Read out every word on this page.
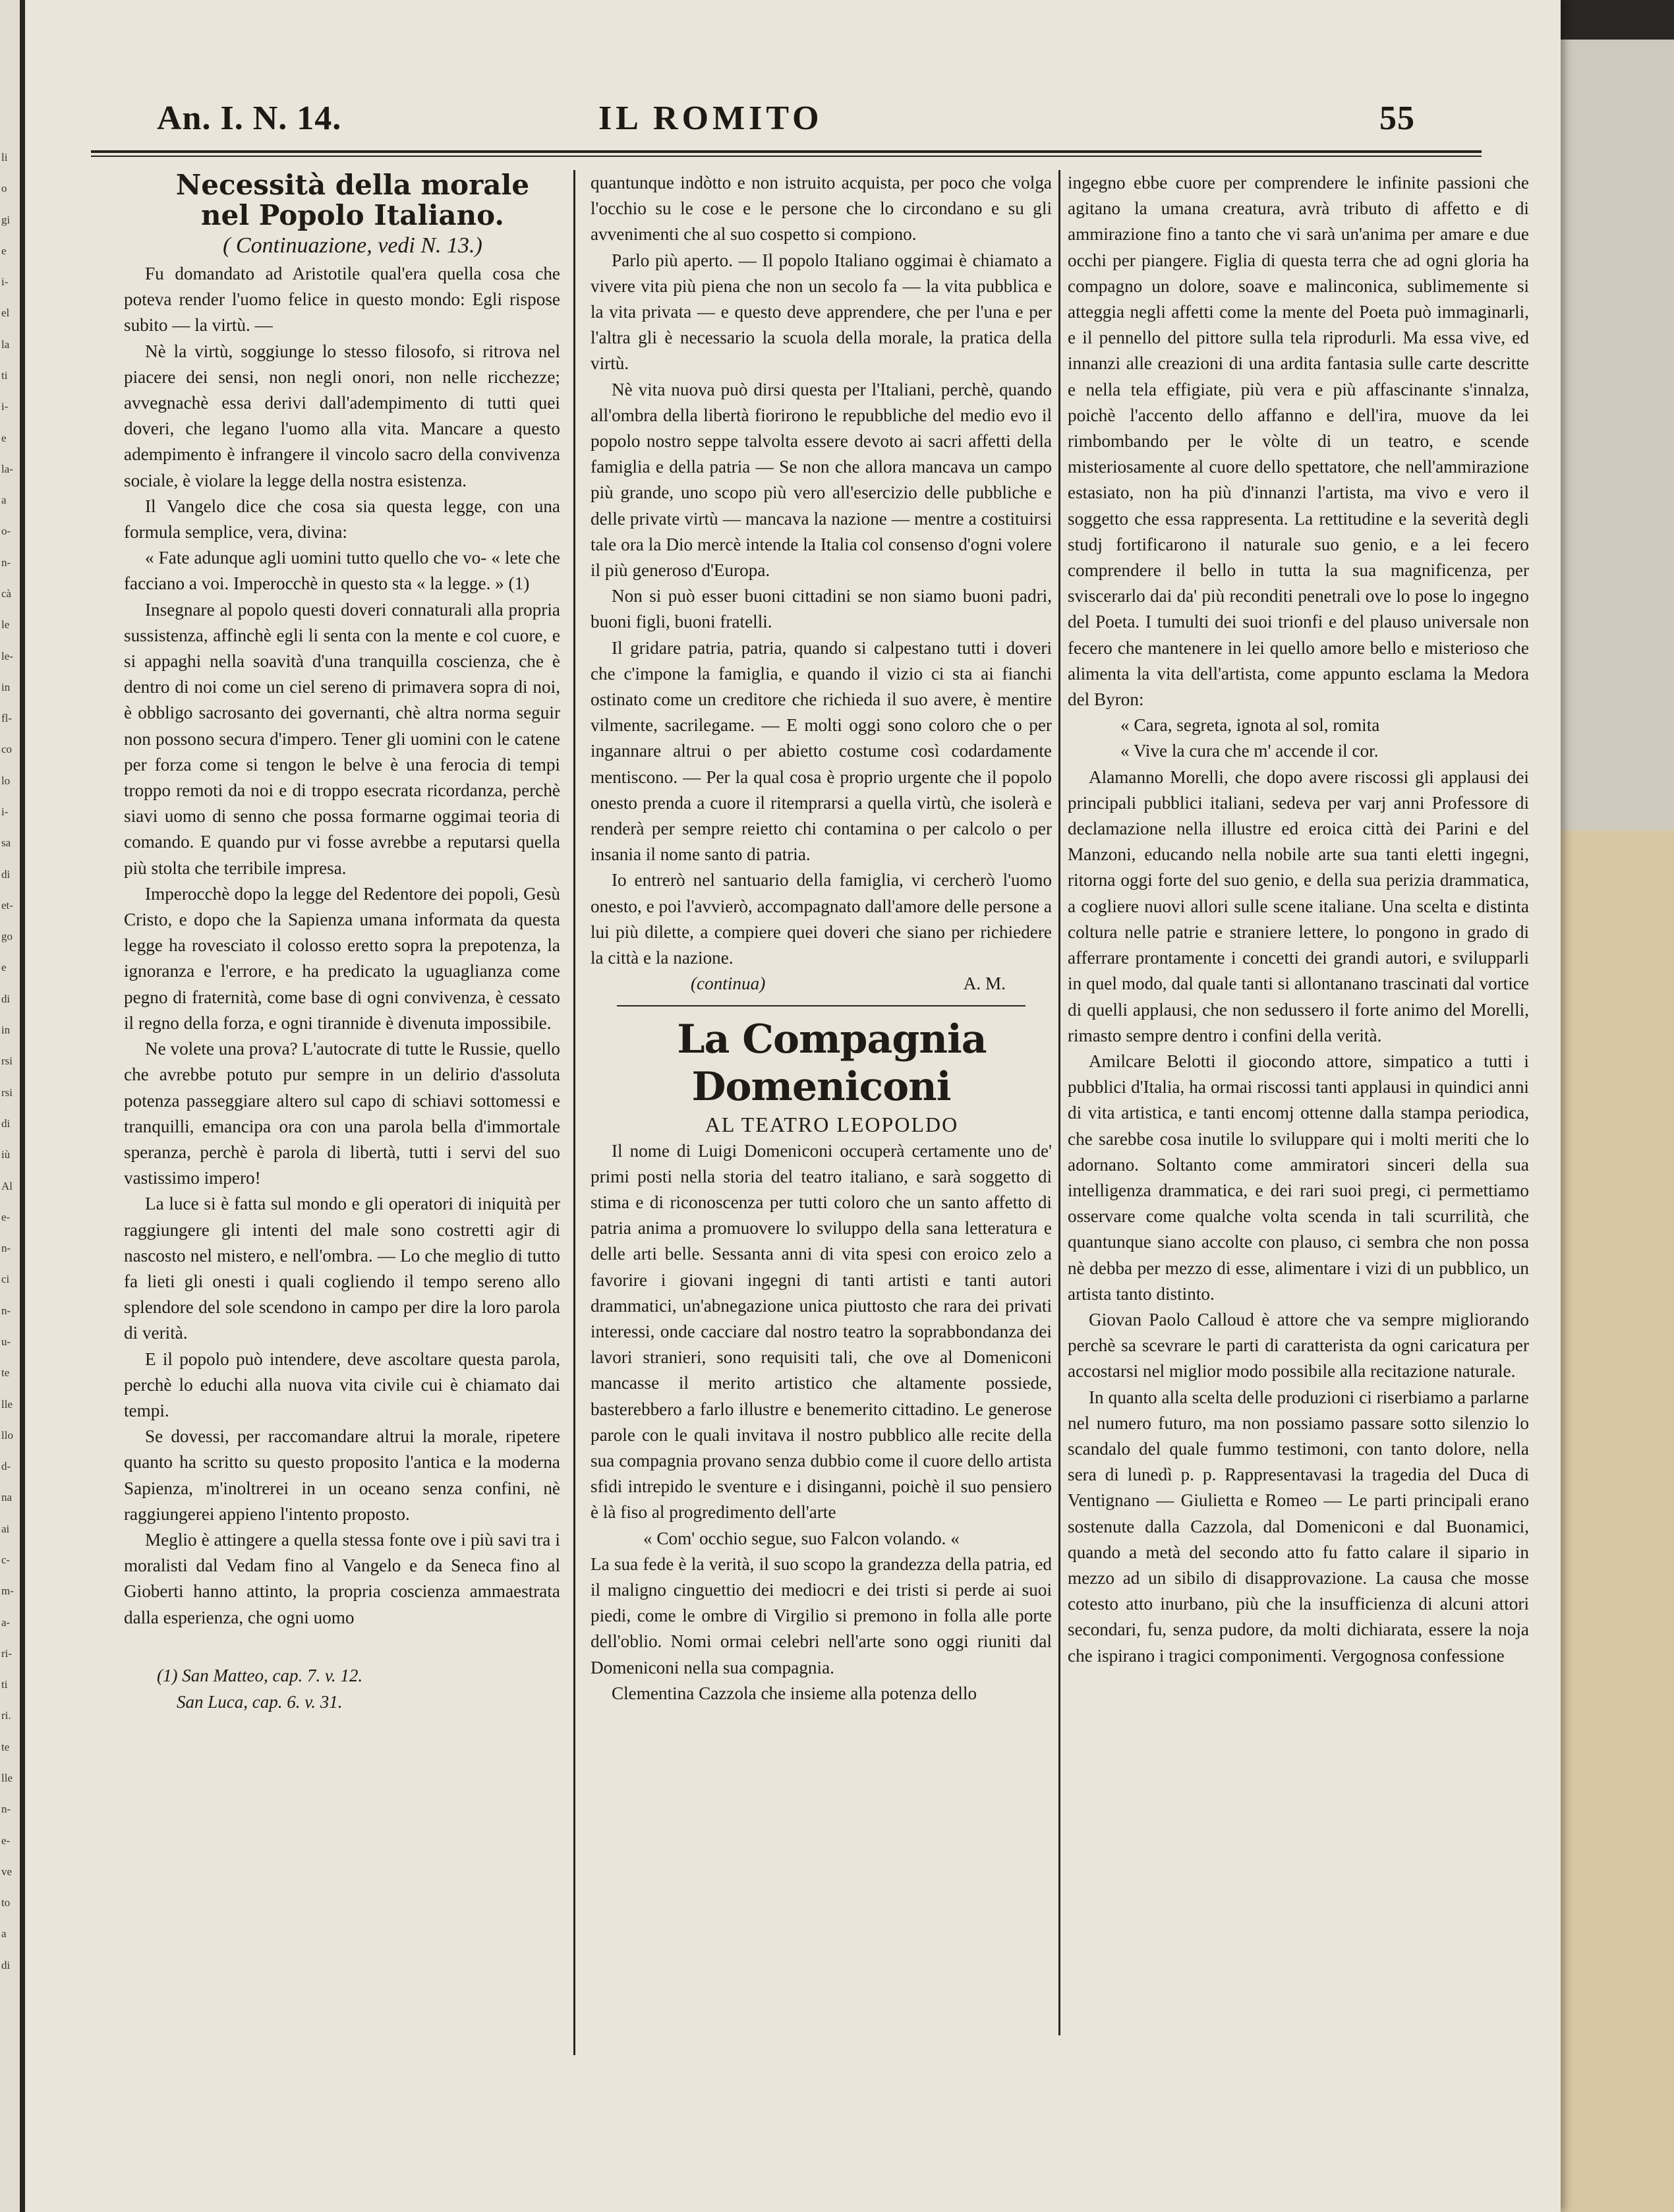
li
o
gi
e
i-
el
la
ti
i-
e
la-
a
o-
n-
cà
le
le-
in
fl-
co
lo
i-
sa
di
et-
go
e
di
in
rsi
rsi
di
iù
Al
e-
n-
ci
n-
u-
te
lle
llo
d-
na
ai
c-
m-
a-
ri-
ti
ri.
te
lle
n-
e-
ve
to
a
di
An. I. N. 14.	IL ROMITO	55

Necessità della morale

nel Popolo Italiano.

( Continuazione, vedi N. 13.)

Fu domandato ad Aristotile qual'era quella cosa che poteva render l'uomo felice in questo mondo: Egli rispose subito — la virtù. —

Nè la virtù, soggiunge lo stesso filosofo, si ritrova nel piacere dei sensi, non negli onori, non nelle ricchezze; avvegnachè essa derivi dall'adempimento di tutti quei doveri, che legano l'uomo alla vita. Mancare a questo adempimento è infrangere il vincolo sacro della convivenza sociale, è violare la legge della nostra esistenza.

Il Vangelo dice che cosa sia questa legge, con una formula semplice, vera, divina:

« Fate adunque agli uomini tutto quello che vo- « lete che facciano a voi. Imperocchè in questo sta « la legge. » (1)

Insegnare al popolo questi doveri connaturali alla propria sussistenza, affinchè egli li senta con la mente e col cuore, e si appaghi nella soavità d'una tranquilla coscienza, che è dentro di noi come un ciel sereno di primavera sopra di noi, è obbligo sacrosanto dei governanti, chè altra norma seguir non possono secura d'impero. Tener gli uomini con le catene per forza come si tengon le belve è una ferocia di tempi troppo remoti da noi e di troppo esecrata ricordanza, perchè siavi uomo di senno che possa formarne oggimai teoria di comando. E quando pur vi fosse avrebbe a reputarsi quella più stolta che terribile impresa.

Imperocchè dopo la legge del Redentore dei popoli, Gesù Cristo, e dopo che la Sapienza umana informata da questa legge ha rovesciato il colosso eretto sopra la prepotenza, la ignoranza e l'errore, e ha predicato la uguaglianza come pegno di fraternità, come base di ogni convivenza, è cessato il regno della forza, e ogni tirannide è divenuta impossibile.

Ne volete una prova? L'autocrate di tutte le Russie, quello che avrebbe potuto pur sempre in un delirio d'assoluta potenza passeggiare altero sul capo di schiavi sottomessi e tranquilli, emancipa ora con una parola bella d'immortale speranza, perchè è parola di libertà, tutti i servi del suo vastissimo impero!

La luce si è fatta sul mondo e gli operatori di iniquità per raggiungere gli intenti del male sono costretti agir di nascosto nel mistero, e nell'ombra. — Lo che meglio di tutto fa lieti gli onesti i quali cogliendo il tempo sereno allo splendore del sole scendono in campo per dire la loro parola di verità.

E il popolo può intendere, deve ascoltare questa parola, perchè lo educhi alla nuova vita civile cui è chiamato dai tempi.

Se dovessi, per raccomandare altrui la morale, ripetere quanto ha scritto su questo proposito l'antica e la moderna Sapienza, m'inoltrerei in un oceano senza confini, nè raggiungerei appieno l'intento proposto.

Meglio è attingere a quella stessa fonte ove i più savi tra i moralisti dal Vedam fino al Vangelo e da Seneca fino al Gioberti hanno attinto, la propria coscienza ammaestrata dalla esperienza, che ogni uomo

(1) San Matteo, cap. 7. v. 12.
San Luca, cap. 6. v. 31.

quantunque indòtto e non istruito acquista, per poco che volga l'occhio su le cose e le persone che lo circondano e su gli avvenimenti che al suo cospetto si compiono.

Parlo più aperto. — Il popolo Italiano oggimai è chiamato a vivere vita più piena che non un secolo fa — la vita pubblica e la vita privata — e questo deve apprendere, che per l'una e per l'altra gli è necessario la scuola della morale, la pratica della virtù.

Nè vita nuova può dirsi questa per l'Italiani, perchè, quando all'ombra della libertà fiorirono le repubbliche del medio evo il popolo nostro seppe talvolta essere devoto ai sacri affetti della famiglia e della patria — Se non che allora mancava un campo più grande, uno scopo più vero all'esercizio delle pubbliche e delle private virtù — mancava la nazione — mentre a costituirsi tale ora la Dio mercè intende la Italia col consenso d'ogni volere il più generoso d'Europa.

Non si può esser buoni cittadini se non siamo buoni padri, buoni figli, buoni fratelli.

Il gridare patria, patria, quando si calpestano tutti i doveri che c'impone la famiglia, e quando il vizio ci sta ai fianchi ostinato come un creditore che richieda il suo avere, è mentire vilmente, sacrilegame. — E molti oggi sono coloro che o per ingannare altrui o per abietto costume così codardamente mentiscono. — Per la qual cosa è proprio urgente che il popolo onesto prenda a cuore il ritemprarsi a quella virtù, che isolerà e renderà per sempre reietto chi contamina o per calcolo o per insania il nome santo di patria.

Io entrerò nel santuario della famiglia, vi cercherò l'uomo onesto, e poi l'avvierò, accompagnato dall'amore delle persone a lui più dilette, a compiere quei doveri che siano per richiedere la città e la nazione.

(continua)	A. M.

La Compagnia Domeniconi

AL TEATRO LEOPOLDO

Il nome di Luigi Domeniconi occuperà certamente uno de' primi posti nella storia del teatro italiano, e sarà soggetto di stima e di riconoscenza per tutti coloro che un santo affetto di patria anima a promuovere lo sviluppo della sana letteratura e delle arti belle. Sessanta anni di vita spesi con eroico zelo a favorire i giovani ingegni di tanti artisti e tanti autori drammatici, un'abnegazione unica piuttosto che rara dei privati interessi, onde cacciare dal nostro teatro la soprabbondanza dei lavori stranieri, sono requisiti tali, che ove al Domeniconi mancasse il merito artistico che altamente possiede, basterebbero a farlo illustre e benemerito cittadino. Le generose parole con le quali invitava il nostro pubblico alle recite della sua compagnia provano senza dubbio come il cuore dello artista sfidi intrepido le sventure e i disinganni, poichè il suo pensiero è là fiso al progredimento dell'arte

« Com' occhio segue, suo Falcon volando. «

La sua fede è la verità, il suo scopo la grandezza della patria, ed il maligno cinguettio dei mediocri e dei tristi si perde ai suoi piedi, come le ombre di Virgilio si premono in folla alle porte dell'oblio. Nomi ormai celebri nell'arte sono oggi riuniti dal Domeniconi nella sua compagnia.

Clementina Cazzola che insieme alla potenza dello

ingegno ebbe cuore per comprendere le infinite passioni che agitano la umana creatura, avrà tributo di affetto e di ammirazione fino a tanto che vi sarà un'anima per amare e due occhi per piangere. Figlia di questa terra che ad ogni gloria ha compagno un dolore, soave e malinconica, sublimemente si atteggia negli affetti come la mente del Poeta può immaginarli, e il pennello del pittore sulla tela riprodurli. Ma essa vive, ed innanzi alle creazioni di una ardita fantasia sulle carte descritte e nella tela effigiate, più vera e più affascinante s'innalza, poichè l'accento dello affanno e dell'ira, muove da lei rimbombando per le vòlte di un teatro, e scende misteriosamente al cuore dello spettatore, che nell'ammirazione estasiato, non ha più d'innanzi l'artista, ma vivo e vero il soggetto che essa rappresenta. La rettitudine e la severità degli studj fortificarono il naturale suo genio, e a lei fecero comprendere il bello in tutta la sua magnificenza, per sviscerarlo dai da' più reconditi penetrali ove lo pose lo ingegno del Poeta. I tumulti dei suoi trionfi e del plauso universale non fecero che mantenere in lei quello amore bello e misterioso che alimenta la vita dell'artista, come appunto esclama la Medora del Byron:

« Cara, segreta, ignota al sol, romita

« Vive la cura che m' accende il cor.

Alamanno Morelli, che dopo avere riscossi gli applausi dei principali pubblici italiani, sedeva per varj anni Professore di declamazione nella illustre ed eroica città dei Parini e del Manzoni, educando nella nobile arte sua tanti eletti ingegni, ritorna oggi forte del suo genio, e della sua perizia drammatica, a cogliere nuovi allori sulle scene italiane. Una scelta e distinta coltura nelle patrie e straniere lettere, lo pongono in grado di afferrare prontamente i concetti dei grandi autori, e svilupparli in quel modo, dal quale tanti si allontanano trascinati dal vortice di quelli applausi, che non sedussero il forte animo del Morelli, rimasto sempre dentro i confini della verità.

Amilcare Belotti il giocondo attore, simpatico a tutti i pubblici d'Italia, ha ormai riscossi tanti applausi in quindici anni di vita artistica, e tanti encomj ottenne dalla stampa periodica, che sarebbe cosa inutile lo sviluppare qui i molti meriti che lo adornano. Soltanto come ammiratori sinceri della sua intelligenza drammatica, e dei rari suoi pregi, ci permettiamo osservare come qualche volta scenda in tali scurrilità, che quantunque siano accolte con plauso, ci sembra che non possa nè debba per mezzo di esse, alimentare i vizi di un pubblico, un artista tanto distinto.

Giovan Paolo Calloud è attore che va sempre migliorando perchè sa scevrare le parti di caratterista da ogni caricatura per accostarsi nel miglior modo possibile alla recitazione naturale.

In quanto alla scelta delle produzioni ci riserbiamo a parlarne nel numero futuro, ma non possiamo passare sotto silenzio lo scandalo del quale fummo testimoni, con tanto dolore, nella sera di lunedì p. p. Rappresentavasi la tragedia del Duca di Ventignano — Giulietta e Romeo — Le parti principali erano sostenute dalla Cazzola, dal Domeniconi e dal Buonamici, quando a metà del secondo atto fu fatto calare il sipario in mezzo ad un sibilo di disapprovazione. La causa che mosse cotesto atto inurbano, più che la insufficienza di alcuni attori secondari, fu, senza pudore, da molti dichiarata, essere la noja che ispirano i tragici componimenti. Vergognosa confessione
